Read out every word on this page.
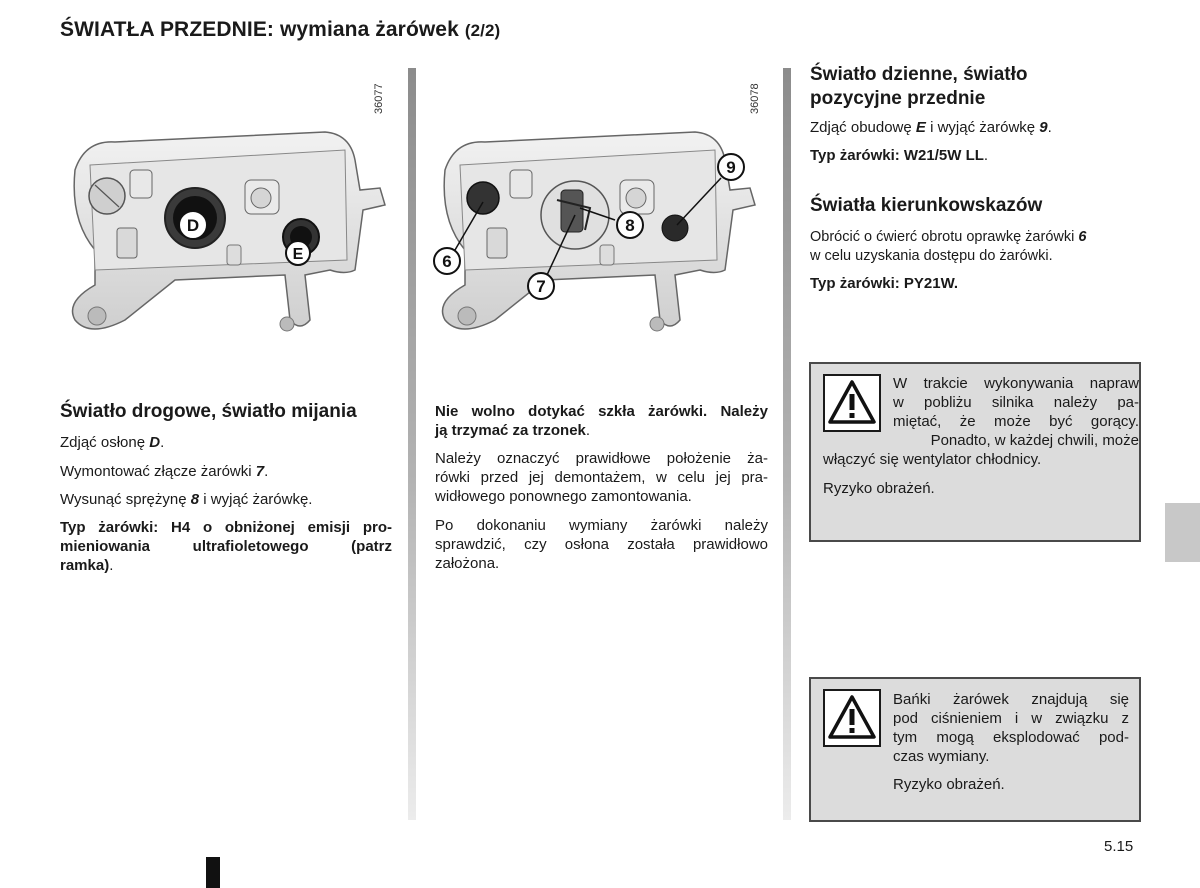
ŚWIATŁA PRZEDNIE: wymiana żarówek (2/2)
36077
D
E
36078
6
7
8
9
Światło drogowe, światło mijania

Zdjąć osłonę D.

Wymontować złącze żarówki 7.

Wysunąć sprężynę 8 i wyjąć żarówkę.

Typ żarówki: H4 o obniżonej emisji pro-
mieniowania ultrafioletowego (patrz
ramka).

Nie wolno dotykać szkła żarówki. Należy
ją trzymać za trzonek.

Należy oznaczyć prawidłowe położenie ża-
rówki przed jej demontażem, w celu jej pra-
widłowego ponownego zamontowania.

Po dokonaniu wymiany żarówki należy
sprawdzić, czy osłona została prawidłowo
założona.

Światło dzienne, światło
pozycyjne przednie

Zdjąć obudowę E i wyjąć żarówkę 9.

Typ żarówki: W21/5W LL.

Światła kierunkowskazów

Obrócić o ćwierć obrotu oprawkę żarówki 6
w celu uzyskania dostępu do żarówki.

Typ żarówki: PY21W.

W trakcie wykonywania napraw
w pobliżu silnika należy pa-
miętać, że może być gorący.
Ponadto, w każdej chwili, może
włączyć się wentylator chłodnicy.
Ryzyko obrażeń.
Bańki żarówek znajdują się
pod ciśnieniem i w związku z
tym mogą eksplodować pod-
czas wymiany.
Ryzyko obrażeń.
5.15
